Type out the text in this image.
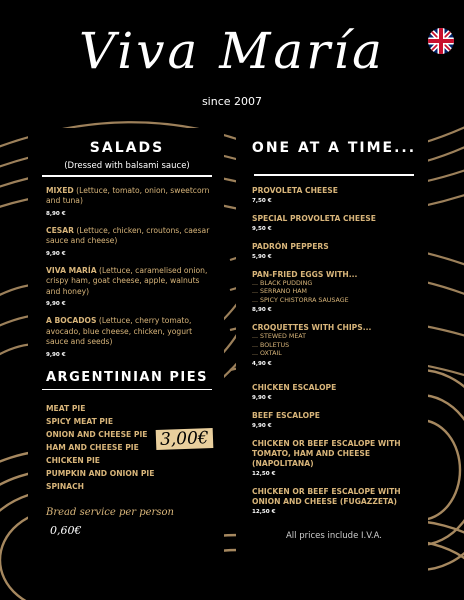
Viva María
since 2007
SALADS
(Dressed with balsami sauce)
MIXED (Lettuce, tomato, onion, sweetcorn and tuna)
8,90 €
CESAR (Lettuce, chicken, croutons, caesar sauce and cheese)
9,90 €
VIVA MARÍA (Lettuce, caramelised onion, crispy ham, goat cheese, apple, walnuts and honey)
9,90 €
A BOCADOS (Lettuce, cherry tomato, avocado, blue cheese, chicken, yogurt sauce and seeds)
9,90 €
ARGENTINIAN PIES
MEAT PIE
SPICY MEAT PIE
ONION AND CHEESE PIE
HAM AND CHEESE PIE
CHICKEN PIE
PUMPKIN AND ONION PIE
SPINACH
3,00€
Bread service per person
0,60€
ONE AT A TIME...
PROVOLETA CHEESE
7,50 €
SPECIAL PROVOLETA CHEESE
9,50 €
PADRÓN PEPPERS
5,90 €
PAN-FRIED EGGS WITH...
... BLACK PUDDING
... SERRANO HAM
... SPICY CHISTORRA SAUSAGE
8,90 €
CROQUETTES WITH CHIPS...
... STEWED MEAT
... BOLETUS
... OXTAIL
4,90 €
CHICKEN ESCALOPE
9,90 €
BEEF ESCALOPE
9,90 €
CHICKEN OR BEEF ESCALOPE WITH TOMATO, HAM AND CHEESE (NAPOLITANA)
12,50 €
CHICKEN OR BEEF ESCALOPE WITH ONION AND CHEESE (FUGAZZETA)
12,50 €
All prices include I.V.A.
